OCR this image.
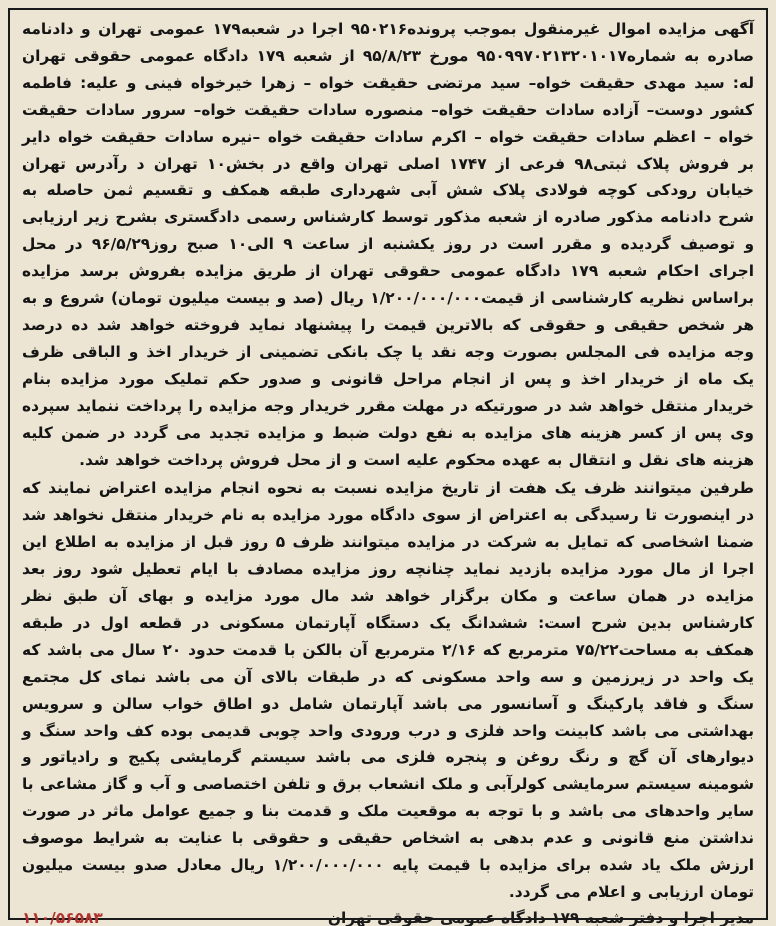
آگهی مزایده اموال غیرمنقول بموجب پرونده۹۵۰۲۱۶ اجرا در شعبه۱۷۹ عمومی تهران و دادنامه صادره به شماره۹۵۰۹۹۷۰۲۱۳۲۰۱۰۱۷ مورخ ۹۵/۸/۲۳ از شعبه ۱۷۹ دادگاه عمومی حقوقی تهران له: سید مهدی حقیقت خواه– سید مرتضی حقیقت خواه – زهرا خیرخواه فینی و علیه: فاطمه کشور دوست– آزاده سادات حقیقت خواه– منصوره سادات حقیقت خواه– سرور سادات حقیقت خواه – اعظم سادات حقیقت خواه – اکرم سادات حقیقت خواه –نیره سادات حقیقت خواه دایر بر فروش پلاک ثبتی۹۸ فرعی از ۱۷۴۷ اصلی تهران واقع در بخش۱۰ تهران د رآدرس تهران خیابان رودکی کوچه فولادی پلاک شش آبی شهرداری طبقه همکف و تقسیم ثمن حاصله به شرح دادنامه مذکور صادره از شعبه مذکور توسط کارشناس رسمی دادگستری بشرح زیر ارزیابی و توصیف گردیده و مقرر است در روز یکشنبه از ساعت ۹ الی۱۰ صبح روز۹۶/۵/۲۹ در محل اجرای احکام شعبه ۱۷۹ دادگاه عمومی حقوقی تهران از طریق مزایده بفروش برسد مزایده براساس نظریه کارشناسی از قیمت۱/۲۰۰/۰۰۰/۰۰۰ ریال (صد و بیست میلیون تومان) شروع و به هر شخص حقیقی و حقوقی که بالاترین قیمت را پیشنهاد نماید فروخته خواهد شد ده درصد وجه مزایده فی المجلس بصورت وجه نقد یا چک بانکی تضمینی از خریدار اخذ و الباقی ظرف یک ماه از خریدار اخذ و پس از انجام مراحل قانونی و صدور حکم تملیک مورد مزایده بنام خریدار منتقل خواهد شد در صورتیکه در مهلت مقرر خریدار وجه مزایده را پرداخت ننماید سپرده وی پس از کسر هزینه های مزایده به نفع دولت ضبط و مزایده تجدید می گردد در ضمن کلیه هزینه های نقل و انتقال به عهده محکوم علیه است و از محل فروش پرداخت خواهد شد.

طرفین میتوانند ظرف یک هفت از تاریخ مزایده نسبت به نحوه انجام مزایده اعتراض نمایند که در اینصورت تا رسیدگی به اعتراض از سوی دادگاه مورد مزایده به نام خریدار منتقل نخواهد شد ضمنا اشخاصی که تمایل به شرکت در مزایده میتوانند ظرف ۵ روز قبل از مزایده به اطلاع این اجرا از مال مورد مزایده بازدید نماید چنانچه روز مزایده مصادف با ایام تعطیل شود روز بعد مزایده در همان ساعت و مکان برگزار خواهد شد مال مورد مزایده و بهای آن طبق نظر کارشناس بدین شرح است: ششدانگ یک دستگاه آپارتمان مسکونی در قطعه اول در طبقه همکف به مساحت۷۵/۲۲ مترمربع که ۲/۱۶ مترمربع آن بالکن با قدمت حدود ۲۰ سال می باشد که یک واحد در زیرزمین و سه واحد مسکونی که در طبقات بالای آن می باشد نمای کل مجتمع سنگ و فاقد پارکینگ و آسانسور می باشد آپارتمان شامل دو اطاق خواب سالن و سرویس بهداشتی می باشد کابینت واحد فلزی و درب ورودی واحد چوبی قدیمی بوده کف واحد سنگ و دیوارهای آن گچ و رنگ روغن و پنجره فلزی می باشد سیستم گرمایشی پکیج و رادیاتور و شومینه سیستم سرمایشی کولرآبی و ملک انشعاب برق و تلفن اختصاصی و آب و گاز مشاعی با سایر واحدهای می باشد و با توجه به موقعیت ملک و قدمت بنا و جمیع عوامل ماثر در صورت نداشتن منع قانونی و عدم بدهی به اشخاص حقیقی و حقوقی با عنایت به شرایط موصوف ارزش ملک یاد شده برای مزایده با قیمت پایه ۱/۲۰۰/۰۰۰/۰۰۰ ریال معادل صدو بیست میلیون تومان ارزیابی و اعلام می گردد.

مدیر اجرا و دفتر شعبه ۱۷۹ دادگاه عمومی حقوقی تهران
۱۱۰/۵۶۵۸۳
